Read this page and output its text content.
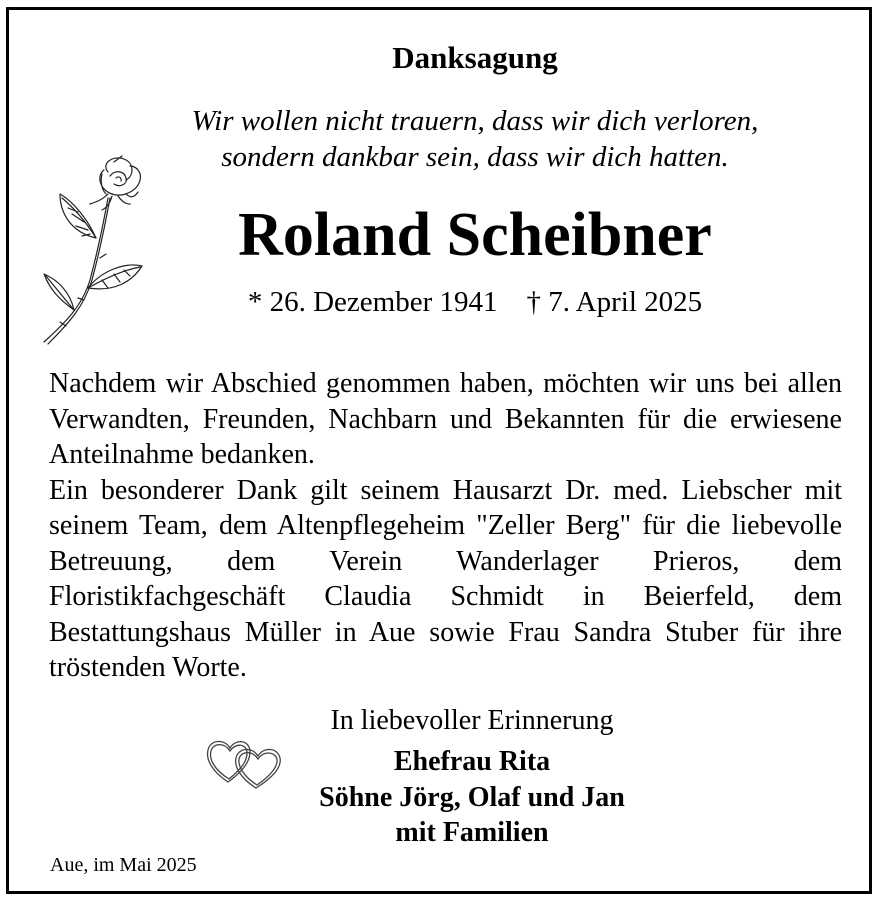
Danksagung
Wir wollen nicht trauern, dass wir dich verloren,
sondern dankbar sein, dass wir dich hatten.
Roland Scheibner
* 26. Dezember 1941 † 7. April 2025

Nachdem wir Abschied genommen haben, möchten wir uns bei allen Verwandten, Freunden, Nachbarn und Bekannten für die erwiesene Anteilnahme bedanken.

Ein besonderer Dank gilt seinem Hausarzt Dr. med. Liebscher mit seinem Team, dem Altenpflegeheim "Zeller Berg" für die liebevolle Betreuung, dem Verein Wanderlager Prieros, dem Floristikfachgeschäft Claudia Schmidt in Beierfeld, dem Bestattungshaus Müller in Aue sowie Frau Sandra Stuber für ihre tröstenden Worte.

In liebevoller Erinnerung
Ehefrau Rita
Söhne Jörg, Olaf und Jan
mit Familien
Aue, im Mai 2025
